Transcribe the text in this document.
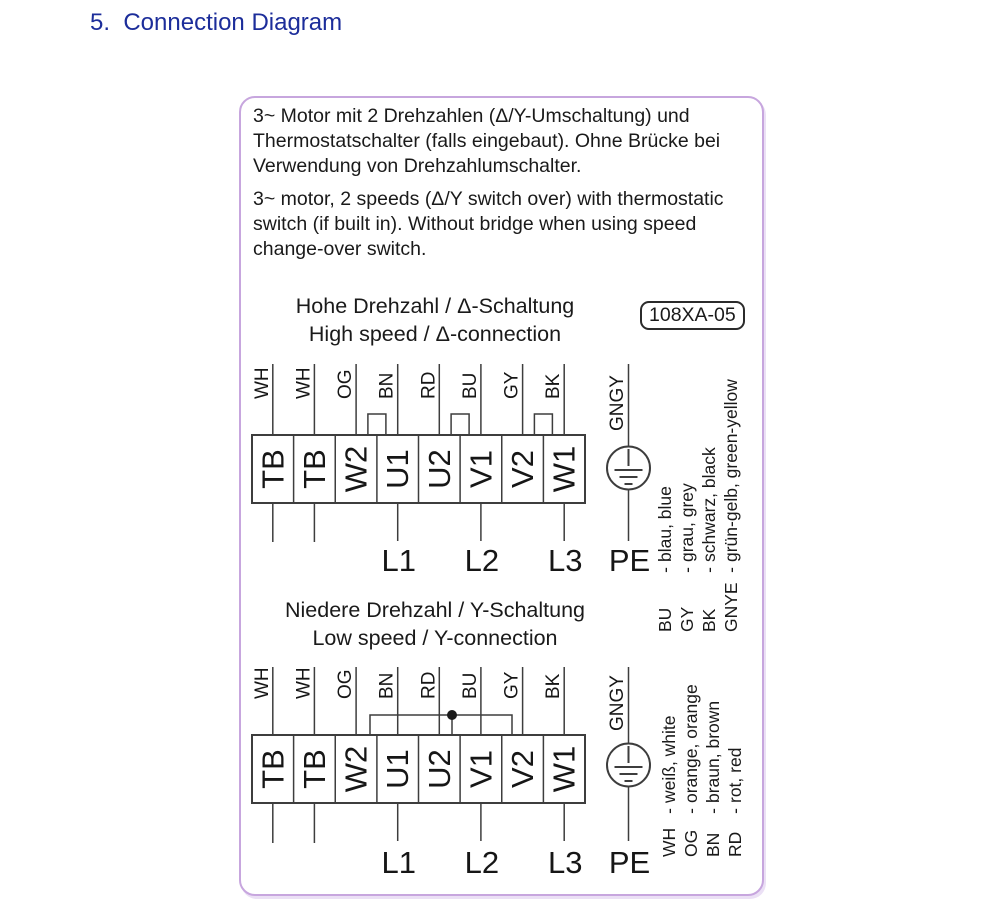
5.  Connection Diagram
3~ Motor mit 2 Drehzahlen (Δ/Y-Umschaltung) und Thermostatschalter (falls eingebaut). Ohne Brücke bei Verwendung von Drehzahlumschalter.
3~ motor, 2 speeds (Δ/Y switch over) with thermostatic switch (if built in). Without bridge when using speed change-over switch.
Hohe Drehzahl / Δ-Schaltung
High speed / Δ-connection
108XA-05
WH WH OG BN RD BU GY BK GNGY
TB TB W2 U1 U2 V1 V2 W1
L1 L2 L3 PE
Niedere Drehzahl / Y-Schaltung
Low speed / Y-connection
WH WH OG BN RD BU GY BK GNGY
TB TB W2 U1 U2 V1 V2 W1
L1 L2 L3 PE
BU
-
blau, blue
GY
-
grau, grey
BK
-
schwarz, black
GNYE
-
grün-gelb, green-yellow
WH
-
weiß, white
OG
-
orange, orange
BN
-
braun, brown
RD
-
rot, red
